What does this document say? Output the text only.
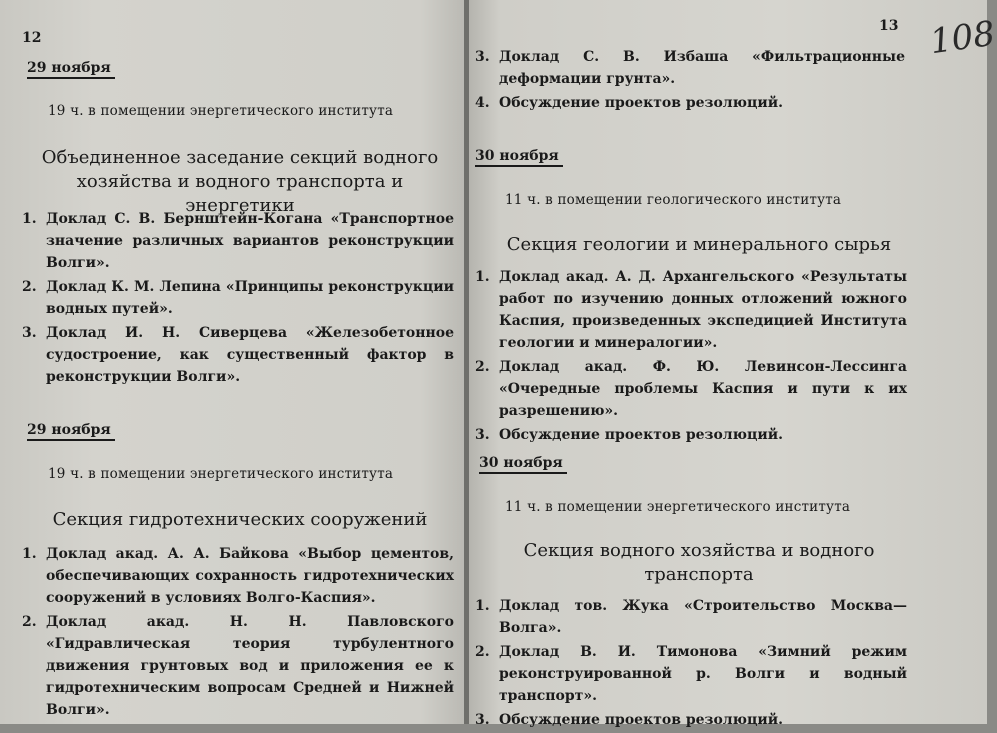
12
29 ноября
19 ч. в помещении энергетического института
Объединенное заседание секций водного хозяйства и водного транспорта и энергетики
1. Доклад С. В. Бернштейн-Когана «Транспортное значение различных вариантов реконструкции Волги».
2. Доклад К. М. Лепина «Принципы реконструкции водных путей».
3. Доклад И. Н. Сиверцева «Железобетонное судостроение, как существенный фактор в реконструкции Волги».
29 ноября
19 ч. в помещении энергетического института
Секция гидротехнических сооружений
1. Доклад акад. А. А. Байкова «Выбор цементов, обеспечивающих сохранность гидротехнических сооружений в условиях Волго-Каспия».
2. Доклад акад. Н. Н. Павловского «Гидравлическая теория турбулентного движения грунтовых вод и приложения ее к гидротехническим вопросам Средней и Нижней Волги».
13
3. Доклад С. В. Избаша «Фильтрационные деформации грунта».
4. Обсуждение проектов резолюций.
30 ноября
11 ч. в помещении геологического института
Секция геологии и минерального сырья
1. Доклад акад. А. Д. Архангельского «Результаты работ по изучению донных отложений южного Каспия, произведенных экспедицией Института геологии и минералогии».
2. Доклад акад. Ф. Ю. Левинсон-Лессинга «Очередные проблемы Каспия и пути к их разрешению».
3. Обсуждение проектов резолюций.
30 ноября
11 ч. в помещении энергетического института
Секция водного хозяйства и водного транспорта
1. Доклад тов. Жука «Строительство Москва—Волга».
2. Доклад В. И. Тимонова «Зимний режим реконструированной р. Волги и водный транспорт».
3. Обсуждение проектов резолюций.
108
